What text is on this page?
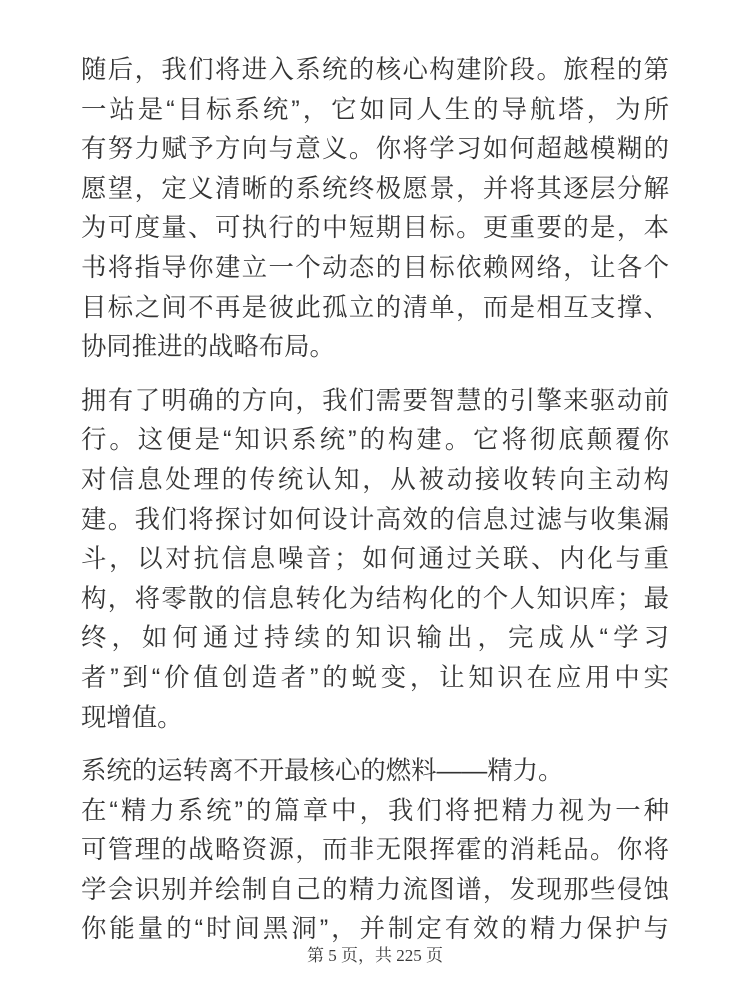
随后，我们将进入系统的核心构建阶段。旅程的第
一站是“目标系统”，它如同人生的导航塔，为所
有努力赋予方向与意义。你将学习如何超越模糊的
愿望，定义清晰的系统终极愿景，并将其逐层分解
为可度量、可执行的中短期目标。更重要的是，本
书将指导你建立一个动态的目标依赖网络，让各个
目标之间不再是彼此孤立的清单，而是相互支撑、
协同推进的战略布局。

拥有了明确的方向，我们需要智慧的引擎来驱动前
行。这便是“知识系统”的构建。它将彻底颠覆你
对信息处理的传统认知，从被动接收转向主动构
建。我们将探讨如何设计高效的信息过滤与收集漏
斗，以对抗信息噪音；如何通过关联、内化与重
构，将零散的信息转化为结构化的个人知识库；最
终，如何通过持续的知识输出，完成从“学习
者”到“价值创造者”的蜕变，让知识在应用中实
现增值。

系统的运转离不开最核心的燃料——精力。
在“精力系统”的篇章中，我们将把精力视为一种
可管理的战略资源，而非无限挥霍的消耗品。你将
学会识别并绘制自己的精力流图谱，发现那些侵蚀
你能量的“时间黑洞”，并制定有效的精力保护与

第 5 页，共 225 页
